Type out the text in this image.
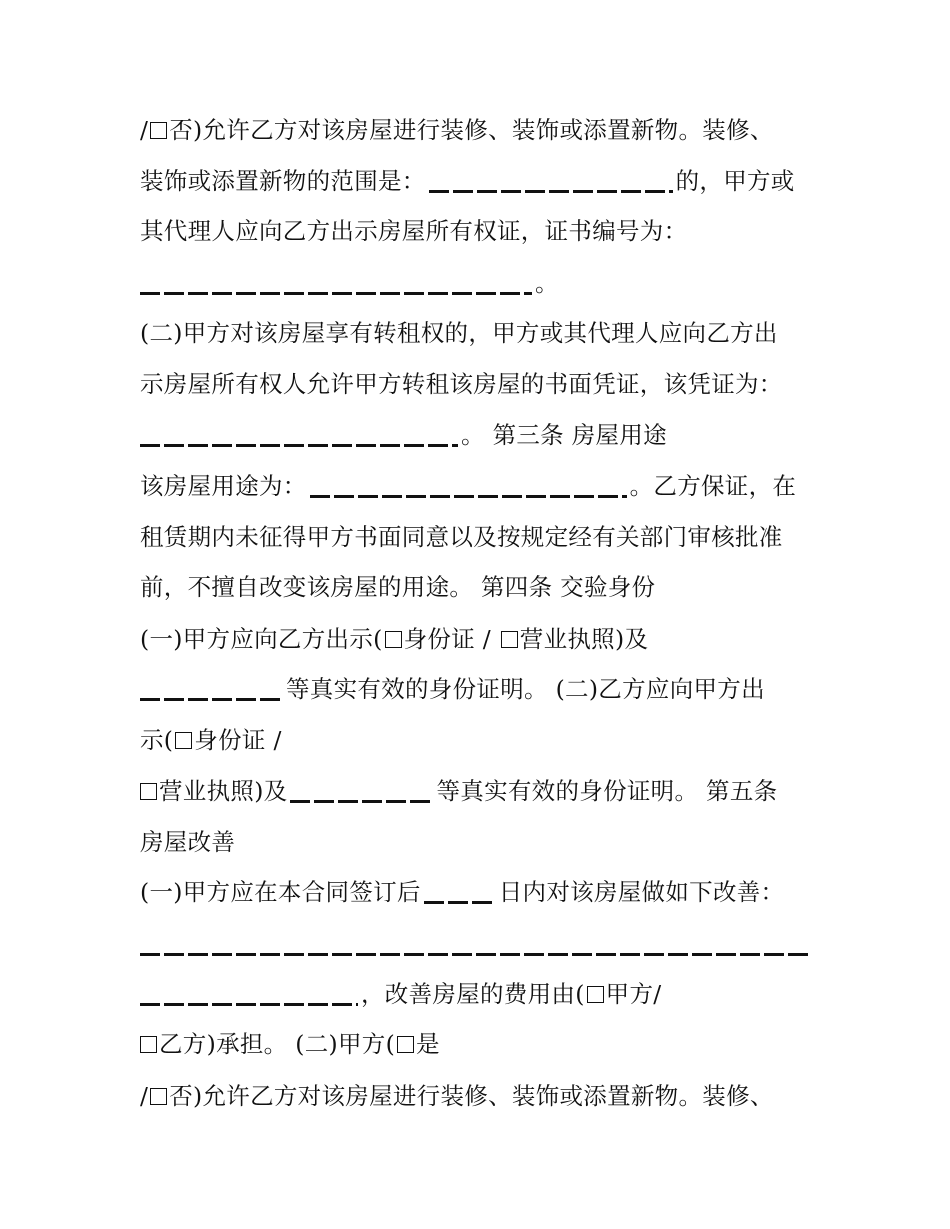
/ 否)允许乙方对该房屋进行装修、装饰或添置新物。装修、
装饰或添置新物的范围是：	的，甲方或
其代理人应向乙方出示房屋所有权证，证书编号为：
。
(二)甲方对该房屋享有转租权的，甲方或其代理人应向乙方出
示房屋所有权人允许甲方转租该房屋的书面凭证，该凭证为：
。 第三条 房屋用途
该房屋用途为：	。乙方保证，在
租赁期内未征得甲方书面同意以及按规定经有关部门审核批准
前，不擅自改变该房屋的用途。 第四条 交验身份
(一)甲方应向乙方出示( 身份证 / 营业执照)及
等真实有效的身份证明。 (二)乙方应向甲方出
示( 身份证 /
营业执照)及	等真实有效的身份证明。 第五条
房屋改善
(一)甲方应在本合同签订后	日内对该房屋做如下改善：
，改善房屋的费用由( 甲方/
乙方)承担。 (二)甲方( 是
/ 否)允许乙方对该房屋进行装修、装饰或添置新物。装修、
